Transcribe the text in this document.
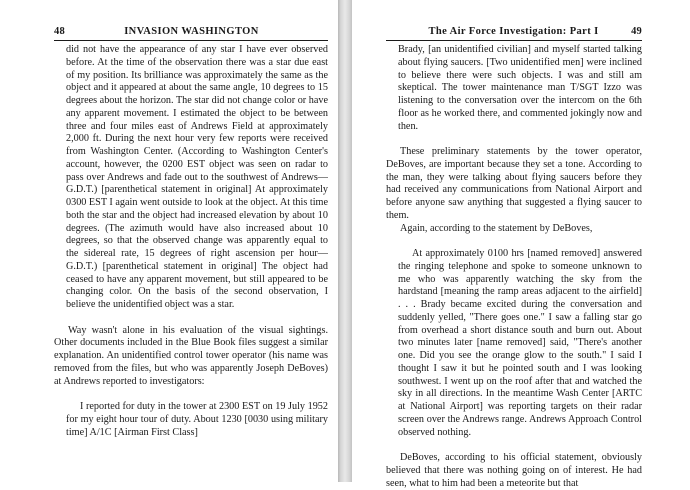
48	INVASION WASHINGTON

did not have the appearance of any star I have ever observed before. At the time of the observation there was a star due east of my position. Its brilliance was approximately the same as the object and it appeared at about the same angle, 10 degrees to 15 degrees about the horizon. The star did not change color or have any apparent movement. I estimated the object to be between three and four miles east of Andrews Field at approximately 2,000 ft. During the next hour very few reports were received from Washington Center. (According to Washington Center's account, however, the 0200 EST object was seen on radar to pass over Andrews and fade out to the southwest of Andrews—G.D.T.) [parenthetical statement in original] At approximately 0300 EST I again went outside to look at the object. At this time both the star and the object had increased elevation by about 10 degrees. (The azimuth would have also increased about 10 degrees, so that the observed change was apparently equal to the sidereal rate, 15 degrees of right ascension per hour—G.D.T.) [parenthetical statement in original] The object had ceased to have any apparent movement, but still appeared to be changing color. On the basis of the second observation, I believe the unidentified object was a star.

Way wasn't alone in his evaluation of the visual sightings. Other documents included in the Blue Book files suggest a similar explanation. An unidentified control tower operator (his name was removed from the files, but who was apparently Joseph DeBoves) at Andrews reported to investigators:

I reported for duty in the tower at 2300 EST on 19 July 1952 for my eight hour tour of duty. About 1230 [0030 using military time] A/1C [Airman First Class]

The Air Force Investigation: Part I	49

Brady, [an unidentified civilian] and myself started talking about flying saucers. [Two unidentified men] were inclined to believe there were such objects. I was and still am skeptical. The tower maintenance man T/SGT Izzo was listening to the conversation over the intercom on the 6th floor as he worked there, and commented jokingly now and then.

These preliminary statements by the tower operator, DeBoves, are important because they set a tone. According to the man, they were talking about flying saucers before they had received any communications from National Airport and before anyone saw anything that suggested a flying saucer to them.

Again, according to the statement by DeBoves,

At approximately 0100 hrs [named removed] answered the ringing telephone and spoke to someone unknown to me who was apparently watching the sky from the hardstand [meaning the ramp areas adjacent to the airfield] . . . Brady became excited during the conversation and suddenly yelled, "There goes one." I saw a falling star go from overhead a short distance south and burn out. About two minutes later [name removed] said, "There's another one. Did you see the orange glow to the south." I said I thought I saw it but he pointed south and I was looking southwest. I went up on the roof after that and watched the sky in all directions. In the meantime Wash Center [ARTC at National Airport] was reporting targets on their radar screen over the Andrews range. Andrews Approach Control observed nothing.

DeBoves, according to his official statement, obviously believed that there was nothing going on of interest. He had seen, what to him had been a meteorite but that
